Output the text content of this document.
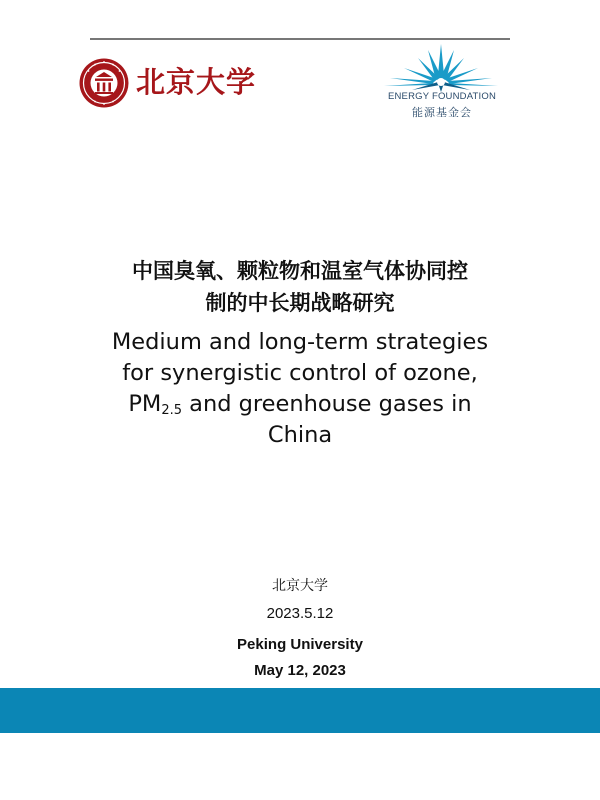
北京大学	ENERGY FOUNDATION
能源基金会
中国臭氧、颗粒物和温室气体协同控
制的中长期战略研究
Medium and long-term strategies
for synergistic control of ozone,
$PM_{2.5}$ and greenhouse gases in
China
北京大学
2023.5.12
Peking University
May 12, 2023
